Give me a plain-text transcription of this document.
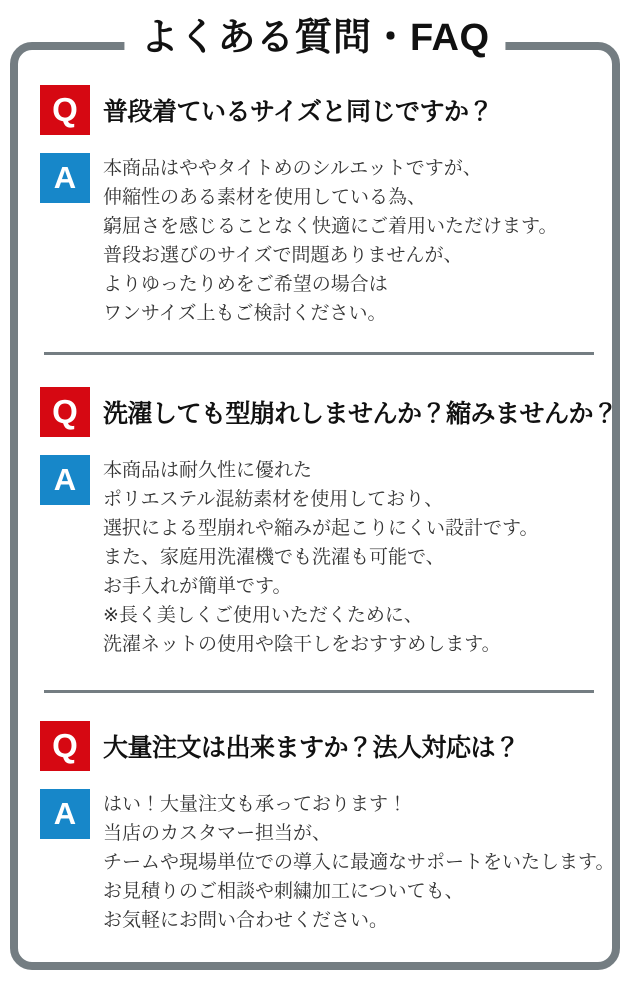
よくある質問・FAQ
Q	普段着ているサイズと同じですか？
A	本商品はややタイトめのシルエットですが、
伸縮性のある素材を使用している為、
窮屈さを感じることなく快適にご着用いただけます。
普段お選びのサイズで問題ありませんが、
よりゆったりめをご希望の場合は
ワンサイズ上もご検討ください。
Q	洗濯しても型崩れしませんか？縮みませんか？
A	本商品は耐久性に優れた
ポリエステル混紡素材を使用しており、
選択による型崩れや縮みが起こりにくい設計です。
また、家庭用洗濯機でも洗濯も可能で、
お手入れが簡単です。
※長く美しくご使用いただくために、
洗濯ネットの使用や陰干しをおすすめします。
Q	大量注文は出来ますか？法人対応は？
A	はい！大量注文も承っております！
当店のカスタマー担当が、
チームや現場単位での導入に最適なサポートをいたします。
お見積りのご相談や刺繍加工についても、
お気軽にお問い合わせください。
